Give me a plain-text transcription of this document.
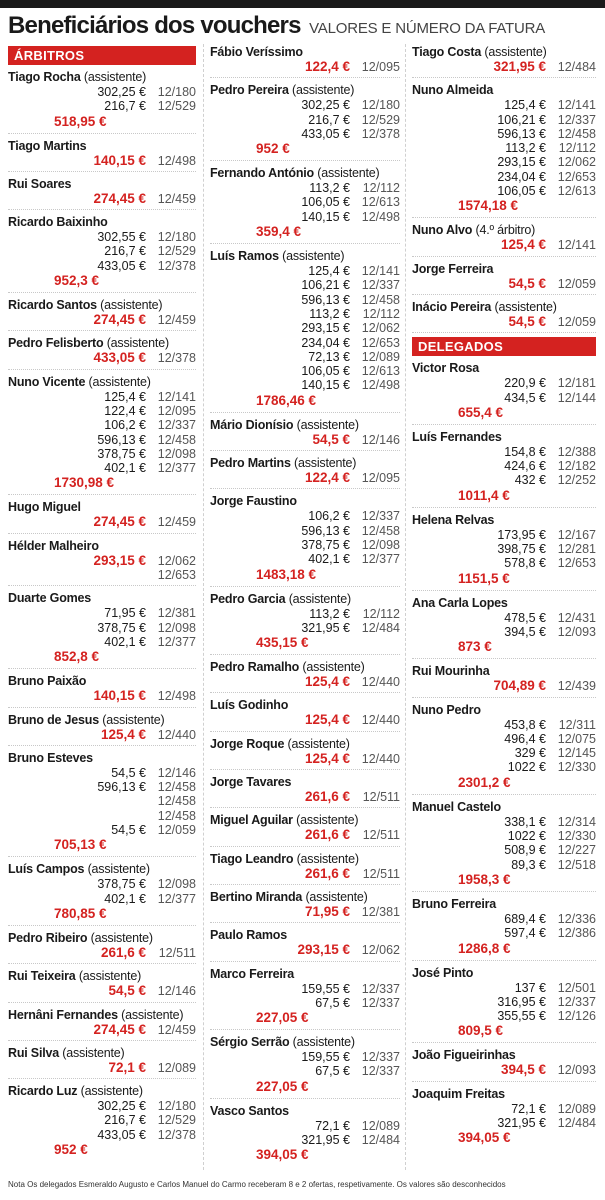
Beneficiários dos vouchers VALORES E NÚMERO DA FATURA
ÁRBITROS
Tiago Rocha (assistente)
302,25 € 12/180
216,7 € 12/529
518,95 €
Tiago Martins
140,15 € 12/498
Rui Soares
274,45 € 12/459
Ricardo Baixinho
302,55 € 12/180
216,7 € 12/529
433,05 € 12/378
952,3 €
Ricardo Santos (assistente)
274,45 € 12/459
Pedro Felisberto (assistente)
433,05 € 12/378
Nuno Vicente (assistente)
125,4 € 12/141
122,4 € 12/095
106,2 € 12/337
596,13 € 12/458
378,75 € 12/098
402,1 € 12/377
1730,98 €
Hugo Miguel
274,45 € 12/459
Hélder Malheiro
293,15 € 12/062
12/653
Duarte Gomes
71,95 € 12/381
378,75 € 12/098
402,1 € 12/377
852,8 €
Bruno Paixão
140,15 € 12/498
Bruno de Jesus (assistente)
125,4 € 12/440
Bruno Esteves
54,5 € 12/146
596,13 € 12/458
12/458
12/458
54,5 € 12/059
705,13 €
Luís Campos (assistente)
378,75 € 12/098
402,1 € 12/377
780,85 €
Pedro Ribeiro (assistente)
261,6 €	12/511
Rui Teixeira (assistente)
54,5 € 12/146
Hernâni Fernandes (assistente)
274,45 € 12/459
Rui Silva (assistente)
72,1 € 12/089
Ricardo Luz (assistente)
302,25 € 12/180
216,7 € 12/529
433,05 € 12/378
952 €
Fábio Veríssimo
122,4 € 12/095
Pedro Pereira (assistente)
302,25 € 12/180
216,7 € 12/529
433,05 € 12/378
952 €
Fernando António (assistente)
113,2 €	12/112
106,05 € 12/613
140,15 € 12/498
359,4 €
Luís Ramos (assistente)
125,4 € 12/141
106,21 € 12/337
596,13 € 12/458
113,2 €	12/112
293,15 € 12/062
234,04 € 12/653
72,13 € 12/089
106,05 € 12/613
140,15 € 12/498
1786,46 €
Mário Dionísio (assistente)
54,5 € 12/146
Pedro Martins (assistente)
122,4 € 12/095
Jorge Faustino
106,2 € 12/337
596,13 € 12/458
378,75 € 12/098
402,1 € 12/377
1483,18 €
Pedro Garcia (assistente)
113,2 €	12/112
321,95 € 12/484
435,15 €
Pedro Ramalho (assistente)
125,4 € 12/440
Luís Godinho
125,4 € 12/440
Jorge Roque (assistente)
125,4 € 12/440
Jorge Tavares
261,6 €	12/511
Miguel Aguilar (assistente)
261,6 €	12/511
Tiago Leandro (assistente)
261,6 €	12/511
Bertino Miranda (assistente)
71,95 € 12/381
Paulo Ramos
293,15 € 12/062
Marco Ferreira
159,55 € 12/337
67,5 € 12/337
227,05 €
Sérgio Serrão (assistente)
159,55 € 12/337
67,5 € 12/337
227,05 €
Vasco Santos
72,1 € 12/089
321,95 € 12/484
394,05 €
Tiago Costa (assistente)
321,95 € 12/484
Nuno Almeida
125,4 € 12/141
106,21 € 12/337
596,13 € 12/458
113,2 €	12/112
293,15 € 12/062
234,04 € 12/653
106,05 € 12/613
1574,18 €
Nuno Alvo (4.º árbitro)
125,4 € 12/141
Jorge Ferreira
54,5 € 12/059
Inácio Pereira (assistente)
54,5 € 12/059
DELEGADOS
Victor Rosa
220,9 € 12/181
434,5 € 12/144
655,4 €
Luís Fernandes
154,8 € 12/388
424,6 € 12/182
432 € 12/252
1011,4 €
Helena Relvas
173,95 € 12/167
398,75 € 12/281
578,8 € 12/653
1151,5 €
Ana Carla Lopes
478,5 € 12/431
394,5 € 12/093
873 €
Rui Mourinha
704,89 € 12/439
Nuno Pedro
453,8 €	12/311
496,4 € 12/075
329 € 12/145
1022 € 12/330
2301,2 €
Manuel Castelo
338,1 € 12/314
1022 € 12/330
508,9 € 12/227
89,3 € 12/518
1958,3 €
Bruno Ferreira
689,4 € 12/336
597,4 € 12/386
1286,8 €
José Pinto
137 € 12/501
316,95 € 12/337
355,55 € 12/126
809,5 €
João Figueirinhas
394,5 € 12/093
Joaquim Freitas
72,1 € 12/089
321,95 € 12/484
394,05 €
Nota Os delegados Esmeraldo Augusto e Carlos Manuel do Carmo receberam 8 e 2 ofertas, respetivamente. Os valores são desconhecidos
